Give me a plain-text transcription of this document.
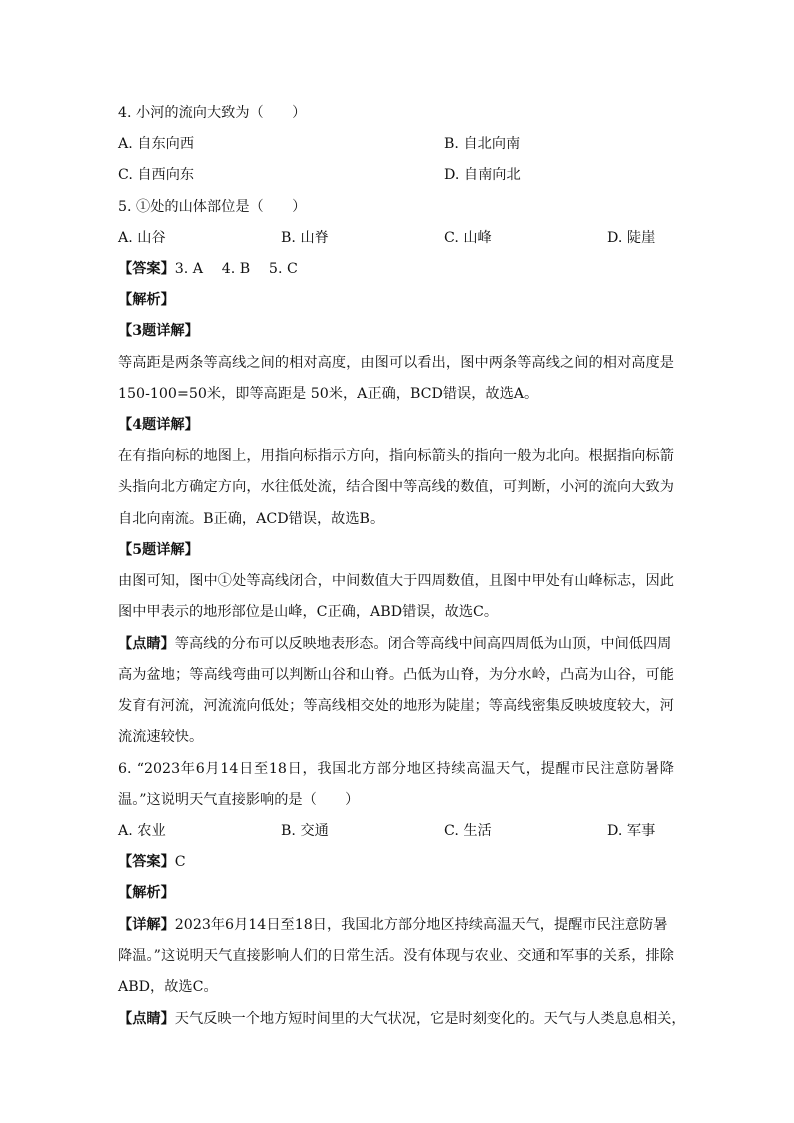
4. 小河的流向大致为（　　）
A. 自东向西	B. 自北向南
C. 自西向东	D. 自南向北
5. ①处的山体部位是（　　）
A. 山谷	B. 山脊	C. 山峰	D. 陡崖
【答案】3. A　 4. B　 5. C
【解析】
【3题详解】
等高距是两条等高线之间的相对高度，由图可以看出，图中两条等高线之间的相对高度是
150-100=50米，即等高距是 50米，A正确，BCD错误，故选A。
【4题详解】
在有指向标的地图上，用指向标指示方向，指向标箭头的指向一般为北向。根据指向标箭
头指向北方确定方向，水往低处流，结合图中等高线的数值，可判断，小河的流向大致为
自北向南流。B正确，ACD错误，故选B。
【5题详解】
由图可知，图中①处等高线闭合，中间数值大于四周数值，且图中甲处有山峰标志，因此
图中甲表示的地形部位是山峰，C正确，ABD错误，故选C。
【点睛】等高线的分布可以反映地表形态。闭合等高线中间高四周低为山顶，中间低四周
高为盆地；等高线弯曲可以判断山谷和山脊。凸低为山脊，为分水岭，凸高为山谷，可能
发育有河流，河流流向低处；等高线相交处的地形为陡崖；等高线密集反映坡度较大，河
流流速较快。
6. “2023年6月14日至18日，我国北方部分地区持续高温天气，提醒市民注意防暑降
温。”这说明天气直接影响的是（　　）
A. 农业	B. 交通	C. 生活	D. 军事
【答案】C
【解析】
【详解】2023年6月14日至18日，我国北方部分地区持续高温天气，提醒市民注意防暑
降温。”这说明天气直接影响人们的日常生活。没有体现与农业、交通和军事的关系，排除
ABD，故选C。
【点睛】天气反映一个地方短时间里的大气状况，它是时刻变化的。天气与人类息息相关，
